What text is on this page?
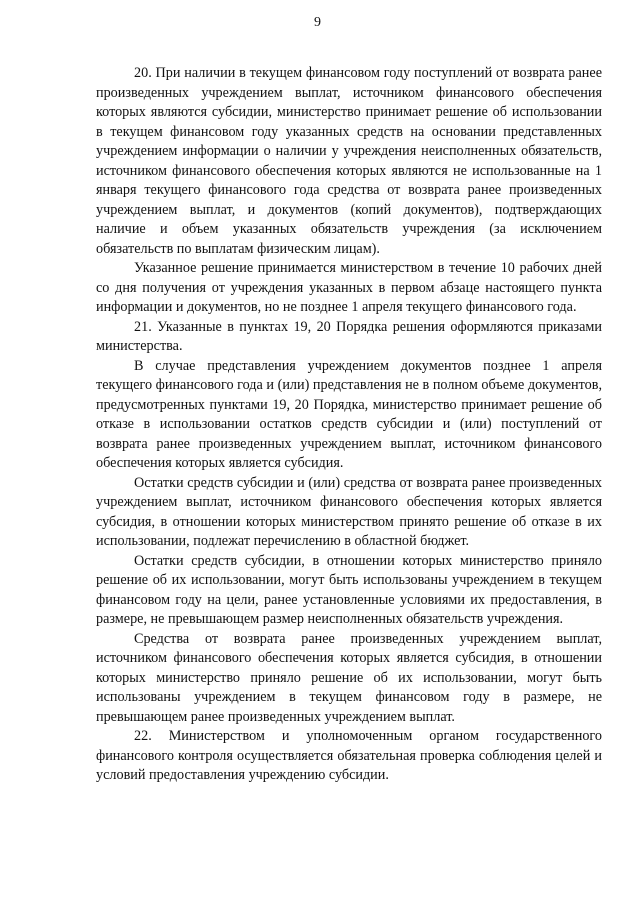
9

20. При наличии в текущем финансовом году поступлений от возврата ранее произведенных учреждением выплат, источником финансового обеспечения которых являются субсидии, министерство принимает решение об использовании в текущем финансовом году указанных средств на основании представленных учреждением информации о наличии у учреждения неисполненных обязательств, источником финансового обеспечения которых являются не использованные на 1 января текущего финансового года средства от возврата ранее произведенных учреждением выплат, и документов (копий документов), подтверждающих наличие и объем указанных обязательств учреждения (за исключением обязательств по выплатам физическим лицам).

Указанное решение принимается министерством в течение 10 рабочих дней со дня получения от учреждения указанных в первом абзаце настоящего пункта информации и документов, но не позднее 1 апреля текущего финансового года.

21. Указанные в пунктах 19, 20 Порядка решения оформляются приказами министерства.

В случае представления учреждением документов позднее 1 апреля текущего финансового года и (или) представления не в полном объеме документов, предусмотренных пунктами 19, 20 Порядка, министерство принимает решение об отказе в использовании остатков средств субсидии и (или) поступлений от возврата ранее произведенных учреждением выплат, источником финансового обеспечения которых является субсидия.

Остатки средств субсидии и (или) средства от возврата ранее произведенных учреждением выплат, источником финансового обеспечения которых является субсидия, в отношении которых министерством принято решение об отказе в их использовании, подлежат перечислению в областной бюджет.

Остатки средств субсидии, в отношении которых министерство приняло решение об их использовании, могут быть использованы учреждением в текущем финансовом году на цели, ранее установленные условиями их предоставления, в размере, не превышающем размер неисполненных обязательств учреждения.

Средства от возврата ранее произведенных учреждением выплат, источником финансового обеспечения которых является субсидия, в отношении которых министерство приняло решение об их использовании, могут быть использованы учреждением в текущем финансовом году в размере, не превышающем ранее произведенных учреждением выплат.

22. Министерством и уполномоченным органом государственного финансового контроля осуществляется обязательная проверка соблюдения целей и условий предоставления учреждению субсидии.
